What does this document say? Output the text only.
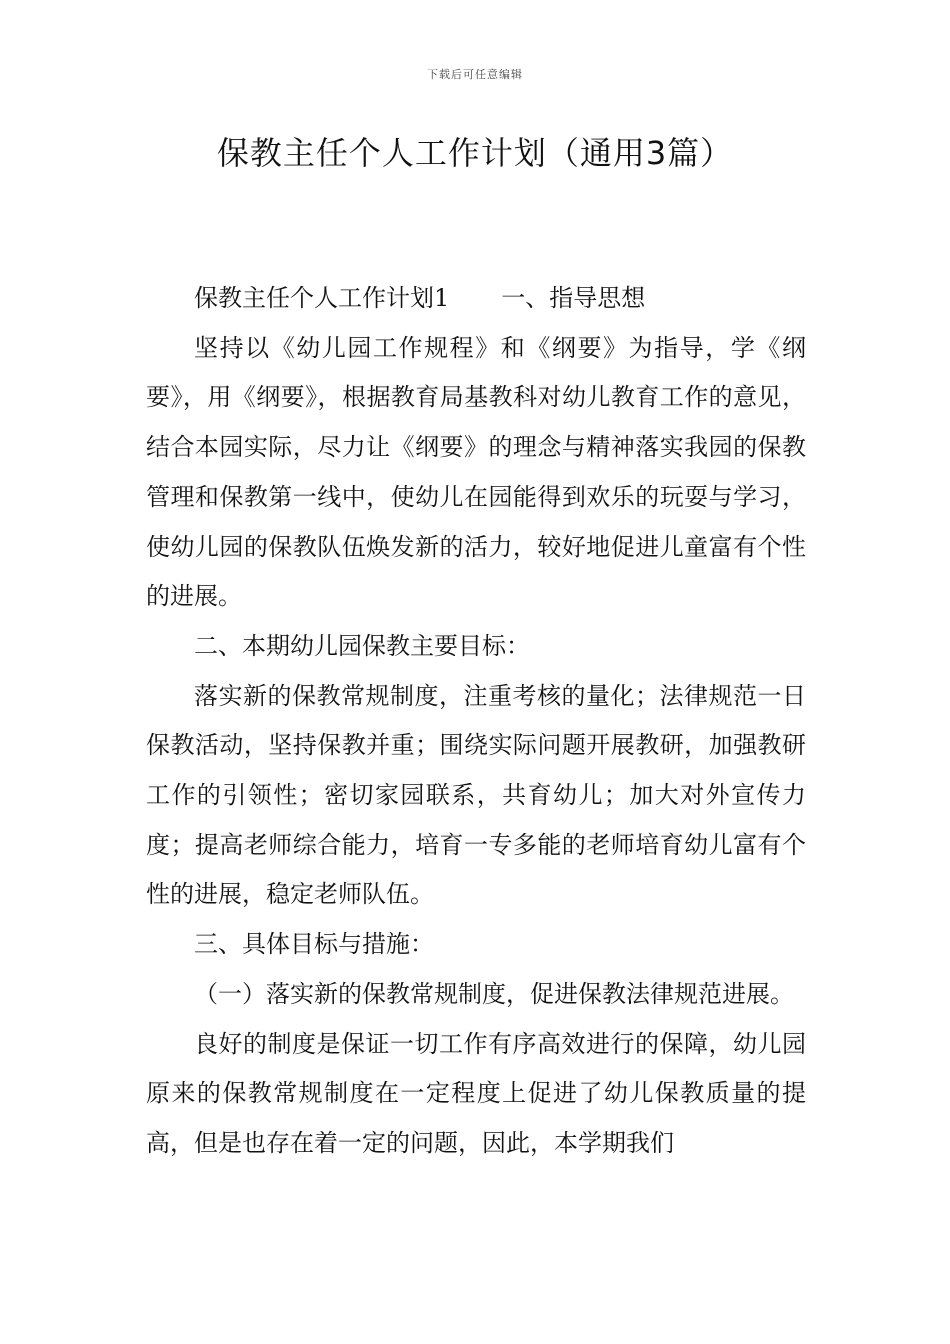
下载后可任意编辑
保教主任个人工作计划（通用3篇）

保教主任个人工作计划1 一、指导思想

坚持以《幼儿园工作规程》和《纲要》为指导，学《纲要》，用《纲要》，根据教育局基教科对幼儿教育工作的意见，结合本园实际，尽力让《纲要》的理念与精神落实我园的保教管理和保教第一线中，使幼儿在园能得到欢乐的玩耍与学习，使幼儿园的保教队伍焕发新的活力，较好地促进儿童富有个性的进展。

二、本期幼儿园保教主要目标：

落实新的保教常规制度，注重考核的量化；法律规范一日保教活动，坚持保教并重；围绕实际问题开展教研，加强教研工作的引领性；密切家园联系，共育幼儿；加大对外宣传力度；提高老师综合能力，培育一专多能的老师培育幼儿富有个性的进展，稳定老师队伍。

三、具体目标与措施：

（一）落实新的保教常规制度，促进保教法律规范进展。

良好的制度是保证一切工作有序高效进行的保障，幼儿园原来的保教常规制度在一定程度上促进了幼儿保教质量的提高，但是也存在着一定的问题，因此，本学期我们
